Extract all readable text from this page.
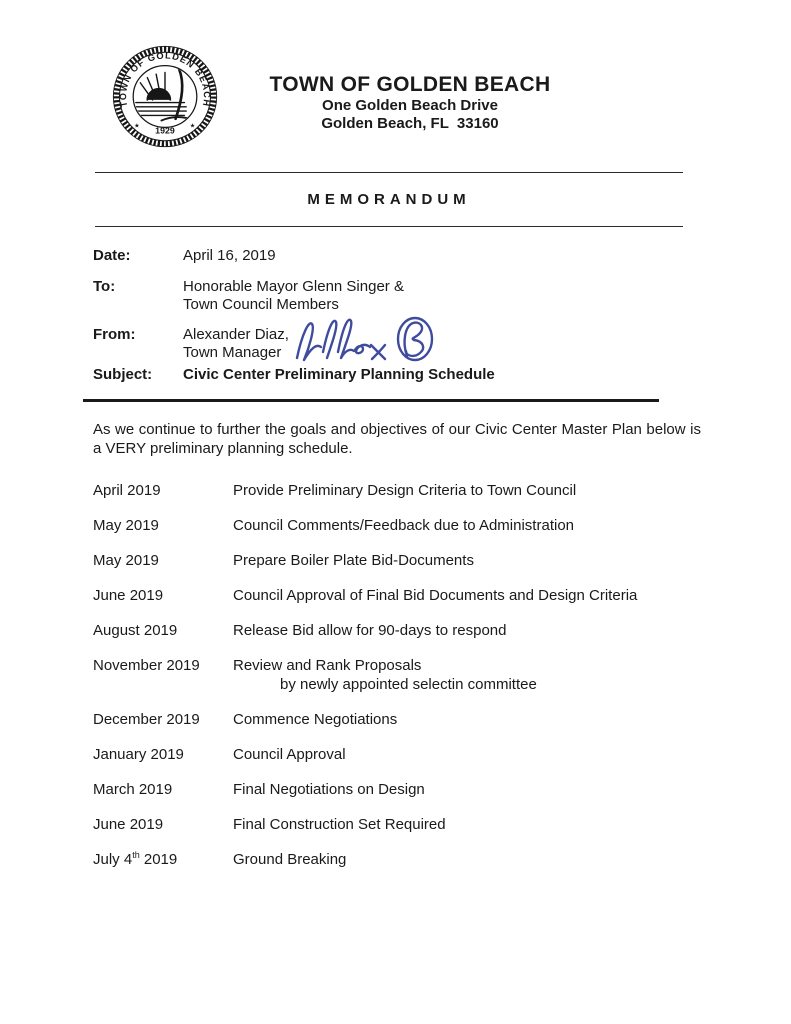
TOWN OF GOLDEN BEACH
1929
★	★
TOWN OF GOLDEN BEACH
One Golden Beach Drive
Golden Beach, FL  33160
MEMORANDUM
Date:	April 16, 2019
To:	Honorable Mayor Glenn Singer &
Town Council Members
From:	Alexander Diaz,
Town Manager
Subject:	Civic Center Preliminary Planning Schedule
As we continue to further the goals and objectives of our Civic Center Master Plan below is a VERY preliminary planning schedule.
April 2019	Provide Preliminary Design Criteria to Town Council
May 2019	Council Comments/Feedback due to Administration
May 2019	Prepare Boiler Plate Bid-Documents
June 2019	Council Approval of Final Bid Documents and Design Criteria
August 2019	Release Bid allow for 90-days to respond
November 2019	Review and Rank Proposals
by newly appointed selectin committee
December 2019	Commence Negotiations
January 2019	Council Approval
March 2019	Final Negotiations on Design
June 2019	Final Construction Set Required
July 4th 2019	Ground Breaking
